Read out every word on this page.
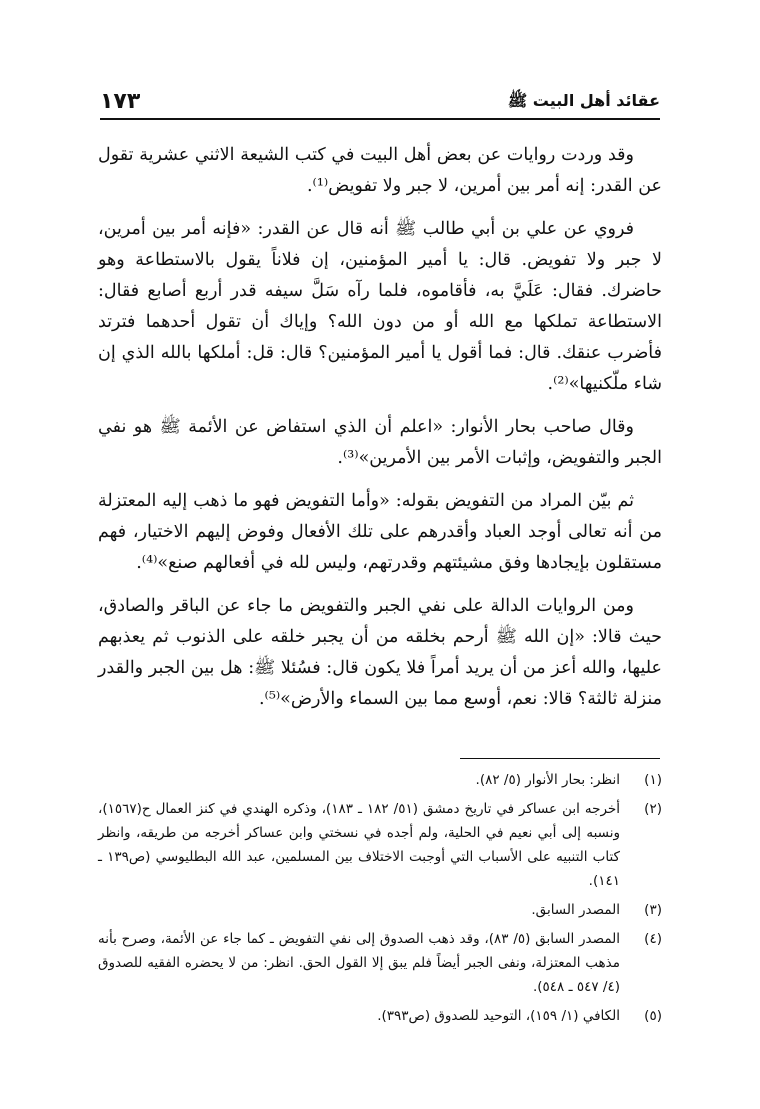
١٧٣	عقائد أهل البيت ﷺ

وقد وردت روايات عن بعض أهل البيت في كتب الشيعة الاثني عشرية تقول عن القدر: إنه أمر بين أمرين، لا جبر ولا تفويض⁽¹⁾.

فروي عن علي بن أبي طالب ﷺ أنه قال عن القدر: «فإنه أمر بين أمرين، لا جبر ولا تفويض. قال: يا أمير المؤمنين، إن فلاناً يقول بالاستطاعة وهو حاضرك. فقال: عَلَيَّ به، فأقاموه، فلما رآه سَلَّ سيفه قدر أربع أصابع فقال: الاستطاعة تملكها مع الله أو من دون الله؟ وإياك أن تقول أحدهما فترتد فأضرب عنقك. قال: فما أقول يا أمير المؤمنين؟ قال: قل: أملكها بالله الذي إن شاء ملّكنيها»⁽²⁾.

وقال صاحب بحار الأنوار: «اعلم أن الذي استفاض عن الأئمة ﷺ هو نفي الجبر والتفويض، وإثبات الأمر بين الأمرين»⁽³⁾.

ثم بيّن المراد من التفويض بقوله: «وأما التفويض فهو ما ذهب إليه المعتزلة من أنه تعالى أوجد العباد وأقدرهم على تلك الأفعال وفوض إليهم الاختيار، فهم مستقلون بإيجادها وفق مشيئتهم وقدرتهم، وليس لله في أفعالهم صنع»⁽⁴⁾.

ومن الروايات الدالة على نفي الجبر والتفويض ما جاء عن الباقر والصادق، حيث قالا: «إن الله ﷺ أرحم بخلقه من أن يجبر خلقه على الذنوب ثم يعذبهم عليها، والله أعز من أن يريد أمراً فلا يكون قال: فسُئلا ﷺ: هل بين الجبر والقدر منزلة ثالثة؟ قالا: نعم، أوسع مما بين السماء والأرض»⁽⁵⁾.

(١)
انظر: بحار الأنوار (٥/ ٨٢).
(٢)
أخرجه ابن عساكر في تاريخ دمشق (٥١/ ١٨٢ ـ ١٨٣)، وذكره الهندي في كنز العمال ح(١٥٦٧)، ونسبه إلى أبي نعيم في الحلية، ولم أجده في نسختي وابن عساكر أخرجه من طريقه، وانظر كتاب التنبيه على الأسباب التي أوجبت الاختلاف بين المسلمين، عبد الله البطليوسي (ص١٣٩ ـ ١٤١).
(٣)
المصدر السابق.
(٤)
المصدر السابق (٥/ ٨٣)، وقد ذهب الصدوق إلى نفي التفويض ـ كما جاء عن الأئمة، وصرح بأنه مذهب المعتزلة، ونفى الجبر أيضاً فلم يبق إلا القول الحق. انظر: من لا يحضره الفقيه للصدوق (٤/ ٥٤٧ ـ ٥٤٨).
(٥)
الكافي (١/ ١٥٩)، التوحيد للصدوق (ص٣٩٣).
